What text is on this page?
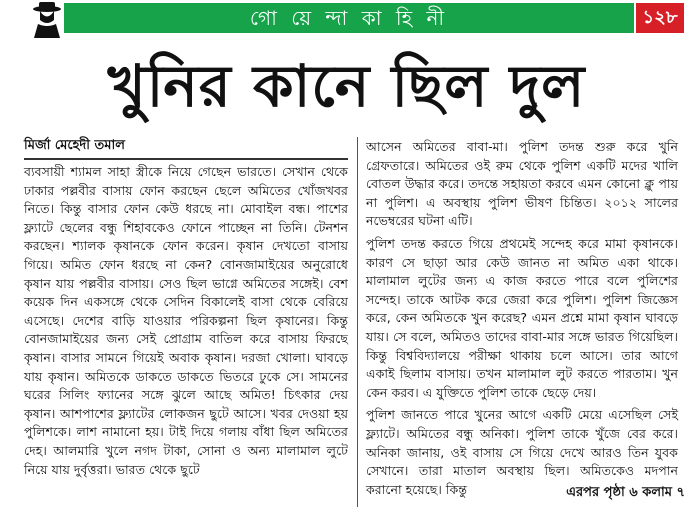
গো য়ে ন্দা কা হি নী	১২৮
খুনির কানে ছিল দুল
মির্জা মেহেদী তমাল

ব্যবসায়ী শ্যামল সাহা স্ত্রীকে নিয়ে গেছেন ভারতে। সেখান থেকে ঢাকার পল্লবীর বাসায় ফোন করছেন ছেলে অমিতের খোঁজখবর নিতে। কিন্তু বাসার ফোন কেউ ধরছে না। মোবাইল বন্ধ। পাশের ফ্ল্যাটে ছেলের বন্ধু শিহাবকেও ফোনে পাচ্ছেন না তিনি। টেনশন করছেন। শ্যালক কৃষানকে ফোন করেন। কৃষান দেখতো বাসায় গিয়ে। অমিত ফোন ধরছে না কেন? বোনজামাইয়ের অনুরোধে কৃষান যায় পল্লবীর বাসায়। সেও ছিল ভাগ্নে অমিতের সঙ্গেই। বেশ কয়েক দিন একসঙ্গে থেকে সেদিন বিকালেই বাসা থেকে বেরিয়ে এসেছে। দেশের বাড়ি যাওয়ার পরিকল্পনা ছিল কৃষানের। কিন্তু বোনজামাইয়ের জন্য সেই প্রোগ্রাম বাতিল করে বাসায় ফিরছে কৃষান। বাসার সামনে গিয়েই অবাক কৃষান। দরজা খোলা। ঘাবড়ে যায় কৃষান। অমিতকে ডাকতে ডাকতে ভিতরে ঢুকে সে। সামনের ঘরের সিলিং ফ্যানের সঙ্গে ঝুলে আছে অমিত! চিৎকার দেয় কৃষান। আশপাশের ফ্ল্যাটের লোকজন ছুটে আসে। খবর দেওয়া হয় পুলিশকে। লাশ নামানো হয়। টাই দিয়ে গলায় বাঁধা ছিল অমিতের দেহ। আলমারি খুলে নগদ টাকা, সোনা ও অন্য মালামাল লুটে নিয়ে যায় দুর্বৃত্তরা। ভারত থেকে ছুটে

আসেন অমিতের বাবা-মা। পুলিশ তদন্ত শুরু করে খুনি গ্রেফতারে। অমিতের ওই রুম থেকে পুলিশ একটি মদের খালি বোতল উদ্ধার করে। তদন্তে সহায়তা করবে এমন কোনো ক্লু পায় না পুলিশ। এ অবস্থায় পুলিশ ভীষণ চিন্তিত। ২০১২ সালের নভেম্বরের ঘটনা এটি।

পুলিশ তদন্ত করতে গিয়ে প্রথমেই সন্দেহ করে মামা কৃষানকে। কারণ সে ছাড়া আর কেউ জানত না অমিত একা থাকে। মালামাল লুটের জন্য এ কাজ করতে পারে বলে পুলিশের সন্দেহ। তাকে আটক করে জেরা করে পুলিশ। পুলিশ জিজ্ঞেস করে, কেন অমিতকে খুন করেছ? এমন প্রশ্নে মামা কৃষান ঘাবড়ে যায়। সে বলে, অমিতও তাদের বাবা-মার সঙ্গে ভারত গিয়েছিল। কিন্তু বিশ্ববিদ্যালয়ে পরীক্ষা থাকায় চলে আসে। তার আগে একাই ছিলাম বাসায়। তখন মালামাল লুট করতে পারতাম। খুন কেন করব। এ যুক্তিতে পুলিশ তাকে ছেড়ে দেয়।

পুলিশ জানতে পারে খুনের আগে একটি মেয়ে এসেছিল সেই ফ্ল্যাটে। অমিতের বন্ধু অনিকা। পুলিশ তাকে খুঁজে বের করে। অনিকা জানায়, ওই বাসায় সে গিয়ে দেখে আরও তিন যুবক সেখানে। তারা মাতাল অবস্থায় ছিল। অমিতকেও মদপান করানো হয়েছে। কিন্তু	এরপর পৃষ্ঠা ৬ কলাম ৭
